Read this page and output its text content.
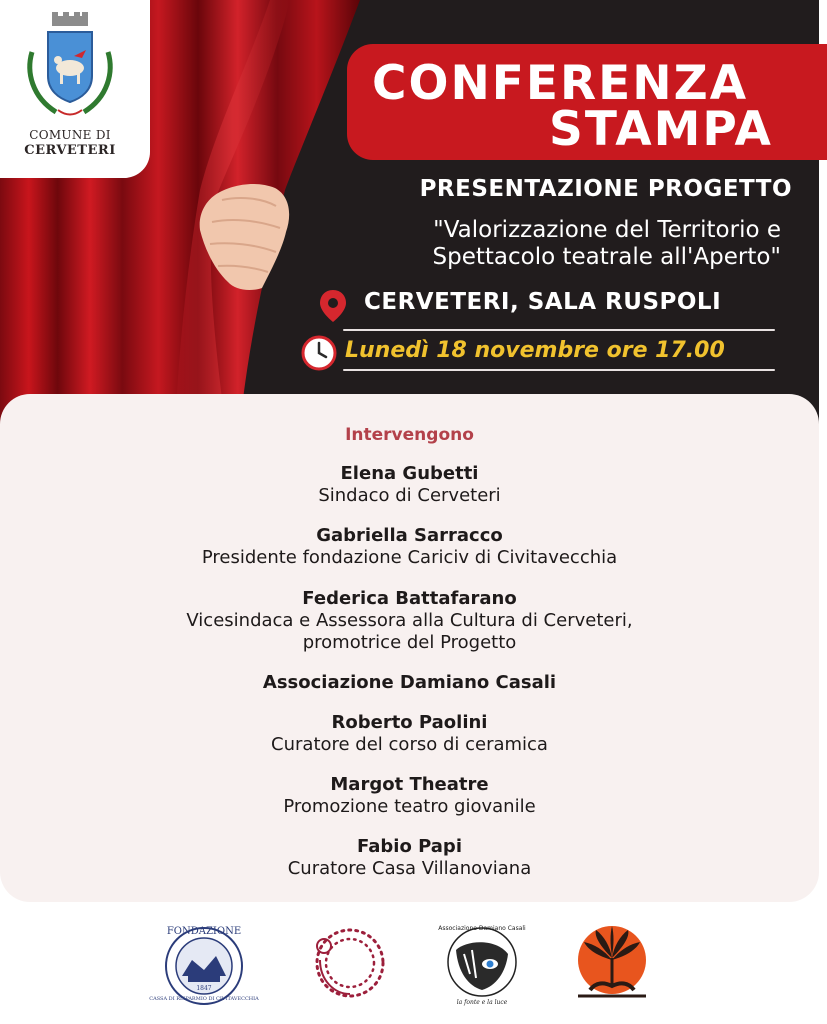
COMUNE DI
CERVETERI
CONFERENZA
STAMPA
PRESENTAZIONE PROGETTO
"Valorizzazione del Territorio e
Spettacolo teatrale all'Aperto"
CERVETERI, SALA RUSPOLI
Lunedì 18 novembre ore 17.00
Intervengono
Elena Gubetti
Sindaco di Cerveteri
Gabriella Sarracco
Presidente fondazione Cariciv di Civitavecchia
Federica Battafarano
Vicesindaca e Assessora alla Cultura di Cerveteri,
promotrice del Progetto
Associazione Damiano Casali
Roberto Paolini
Curatore del corso di ceramica
Margot Theatre
Promozione teatro giovanile
Fabio Papi
Curatore Casa Villanoviana
FONDAZIONE
CASSA DI RISPARMIO DI CIVITAVECCHIA
1847
Associazione Damiano Casali
la fonte e la luce
